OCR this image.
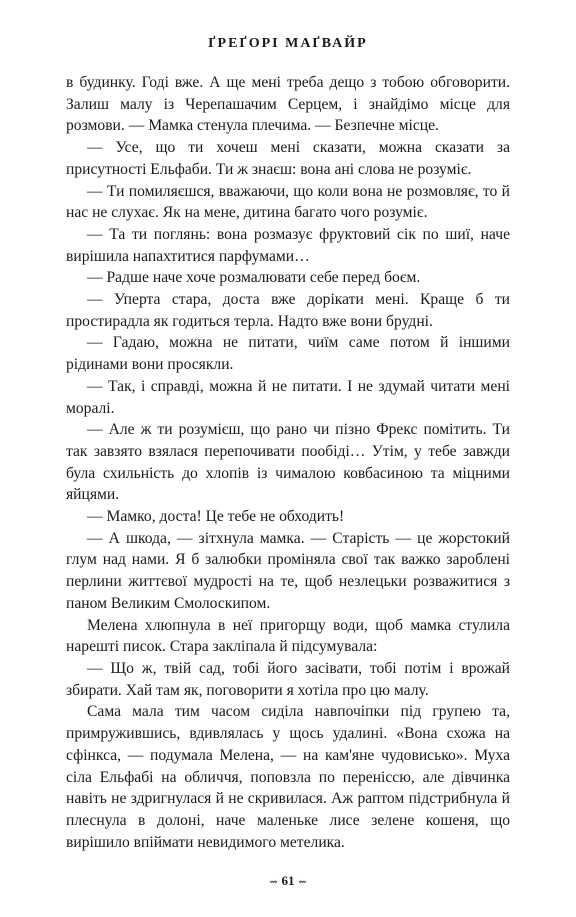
ҐРЕҐОРІ МАҐВАЙР

в будинку. Годі вже. А ще мені треба дещо з тобою обговорити. Залиш малу із Черепашачим Серцем, і знайдімо місце для розмови. — Мамка стенула плечима. — Безпечне місце.

— Усе, що ти хочеш мені сказати, можна сказати за присутності Ельфаби. Ти ж знаєш: вона ані слова не розуміє.

— Ти помиляєшся, вважаючи, що коли вона не розмовляє, то й нас не слухає. Як на мене, дитина багато чого розуміє.

— Та ти поглянь: вона розмазує фруктовий сік по шиї, наче вирішила напахтитися парфумами…

— Радше наче хоче розмалювати себе перед боєм.

— Уперта стара, доста вже дорікати мені. Краще б ти простирадла як годиться терла. Надто вже вони брудні.

— Гадаю, можна не питати, чиїм саме потом й іншими рідинами вони просякли.

— Так, і справді, можна й не питати. І не здумай читати мені моралі.

— Але ж ти розумієш, що рано чи пізно Фрекс помітить. Ти так завзято взялася перепочивати пообіді… Утім, у тебе завжди була схильність до хлопів із чималою ковбасиною та міцними яйцями.

— Мамко, доста! Це тебе не обходить!

— А шкода, — зітхнула мамка. — Старість — це жорстокий глум над нами. Я б залюбки проміняла свої так важко зароблені перлини життєвої мудрості на те, щоб незлецьки розважитися з паном Великим Смолоскипом.

Мелена хлюпнула в неї пригорщу води, щоб мамка стулила нарешті писок. Стара закліпала й підсумувала:

— Що ж, твій сад, тобі його засівати, тобі потім і врожай збирати. Хай там як, поговорити я хотіла про цю малу.

Сама мала тим часом сиділа навпочіпки під групею та, примружившись, вдивлялась у щось удалині. «Вона схожа на сфінкса, — подумала Мелена, — на кам'яне чудовисько». Муха сіла Ельфабі на обличчя, поповзла по переніссю, але дівчинка навіть не здригнулася й не скривилася. Аж раптом підстрибнула й плеснула в долоні, наче маленьке лисе зелене кошеня, що вирішило впіймати невидимого метелика.

⇝ 61 ⇜
